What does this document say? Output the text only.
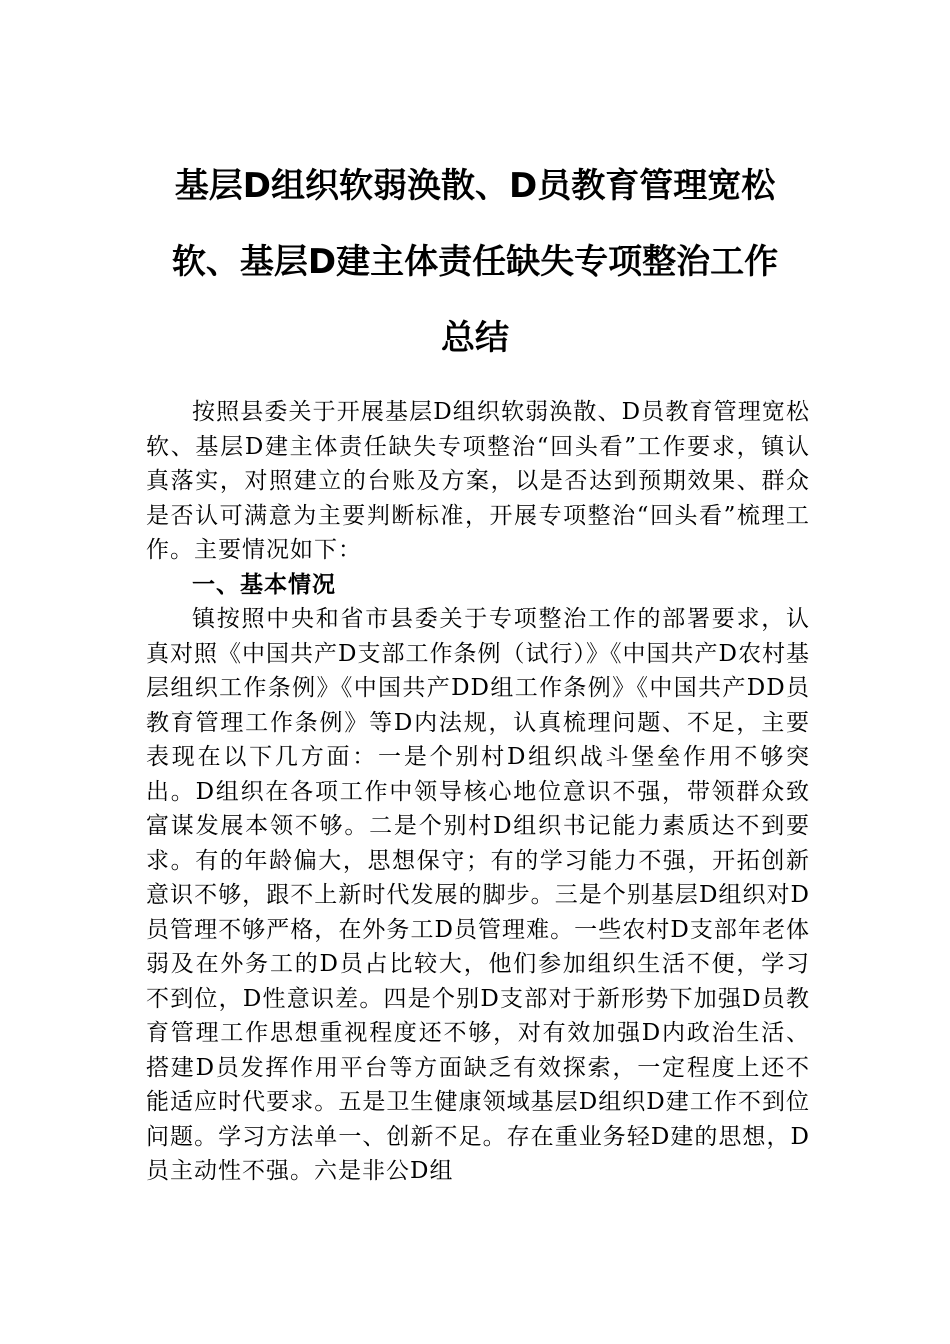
基层D组织软弱涣散、D员教育管理宽松
软、基层D建主体责任缺失专项整治工作
总结

按照县委关于开展基层D组织软弱涣散、D员教育管理宽松软、基层D建主体责任缺失专项整治“回头看”工作要求，镇认真落实，对照建立的台账及方案，以是否达到预期效果、群众是否认可满意为主要判断标准，开展专项整治“回头看”梳理工作。主要情况如下：

一、基本情况

镇按照中央和省市县委关于专项整治工作的部署要求，认真对照《中国共产D支部工作条例（试行）》《中国共产D农村基层组织工作条例》《中国共产DD组工作条例》《中国共产DD员教育管理工作条例》等D内法规，认真梳理问题、不足，主要表现在以下几方面：一是个别村D组织战斗堡垒作用不够突出。D组织在各项工作中领导核心地位意识不强，带领群众致富谋发展本领不够。二是个别村D组织书记能力素质达不到要求。有的年龄偏大，思想保守；有的学习能力不强，开拓创新意识不够，跟不上新时代发展的脚步。三是个别基层D组织对D员管理不够严格，在外务工D员管理难。一些农村D支部年老体弱及在外务工的D员占比较大，他们参加组织生活不便，学习不到位，D性意识差。四是个别D支部对于新形势下加强D员教育管理工作思想重视程度还不够，对有效加强D内政治生活、搭建D员发挥作用平台等方面缺乏有效探索，一定程度上还不能适应时代要求。五是卫生健康领域基层D组织D建工作不到位问题。学习方法单一、创新不足。存在重业务轻D建的思想，D员主动性不强。六是非公D组
